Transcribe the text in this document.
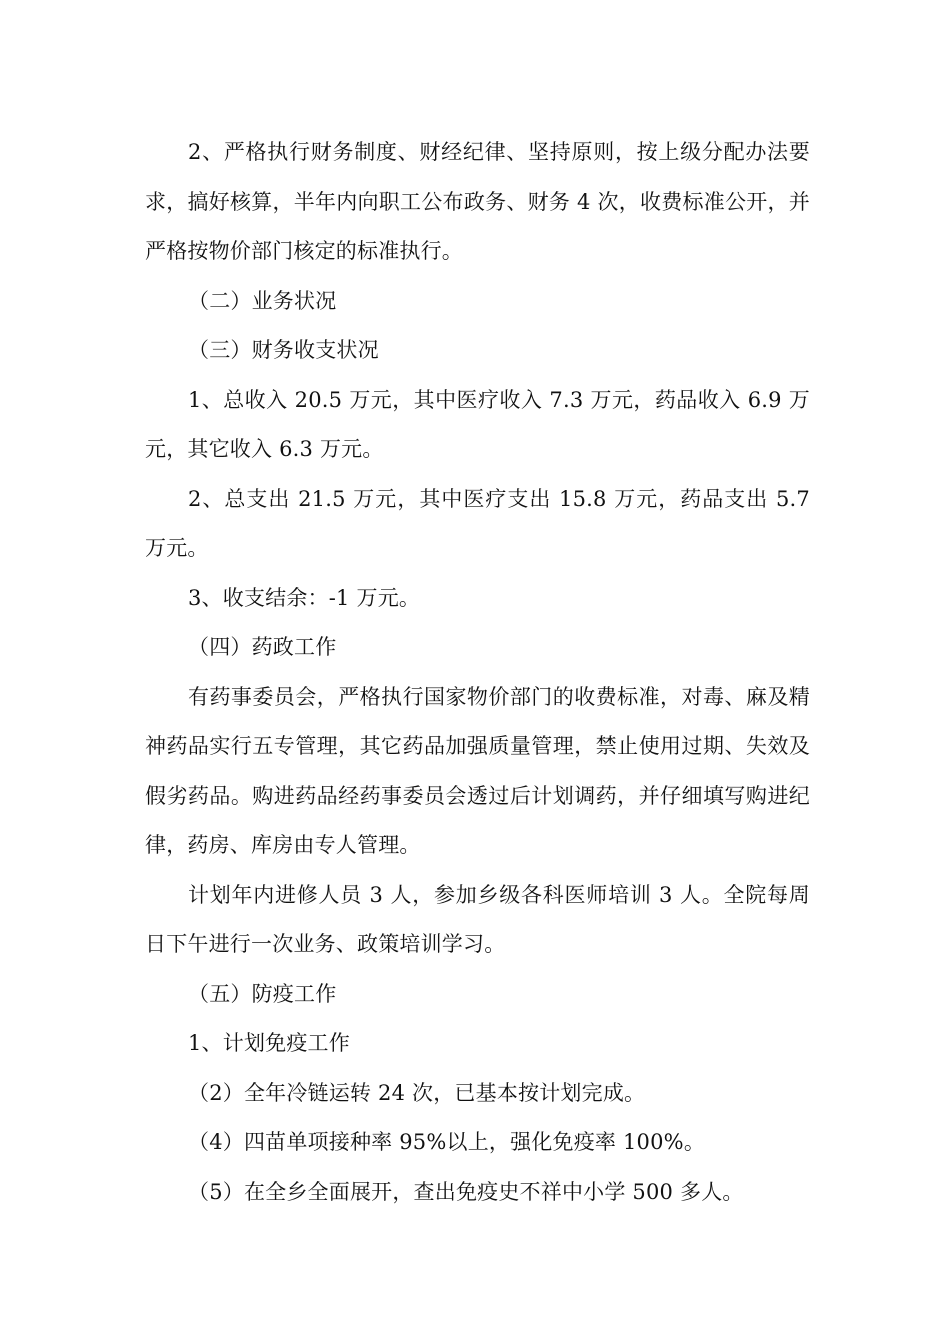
2、严格执行财务制度、财经纪律、坚持原则，按上级分配办法要求，搞好核算，半年内向职工公布政务、财务 4 次，收费标准公开，并严格按物价部门核定的标准执行。

（二）业务状况

（三）财务收支状况

1、总收入 20.5 万元，其中医疗收入 7.3 万元，药品收入 6.9 万元，其它收入 6.3 万元。

2、总支出 21.5 万元，其中医疗支出 15.8 万元，药品支出 5.7 万元。

3、收支结余：-1 万元。

（四）药政工作

有药事委员会，严格执行国家物价部门的收费标准，对毒、麻及精神药品实行五专管理，其它药品加强质量管理，禁止使用过期、失效及假劣药品。购进药品经药事委员会透过后计划调药，并仔细填写购进纪律，药房、库房由专人管理。

计划年内进修人员 3 人，参加乡级各科医师培训 3 人。全院每周日下午进行一次业务、政策培训学习。

（五）防疫工作

1、计划免疫工作

（2）全年冷链运转 24 次，已基本按计划完成。

（4）四苗单项接种率 95%以上，强化免疫率 100%。

（5）在全乡全面展开，查出免疫史不祥中小学 500 多人。
